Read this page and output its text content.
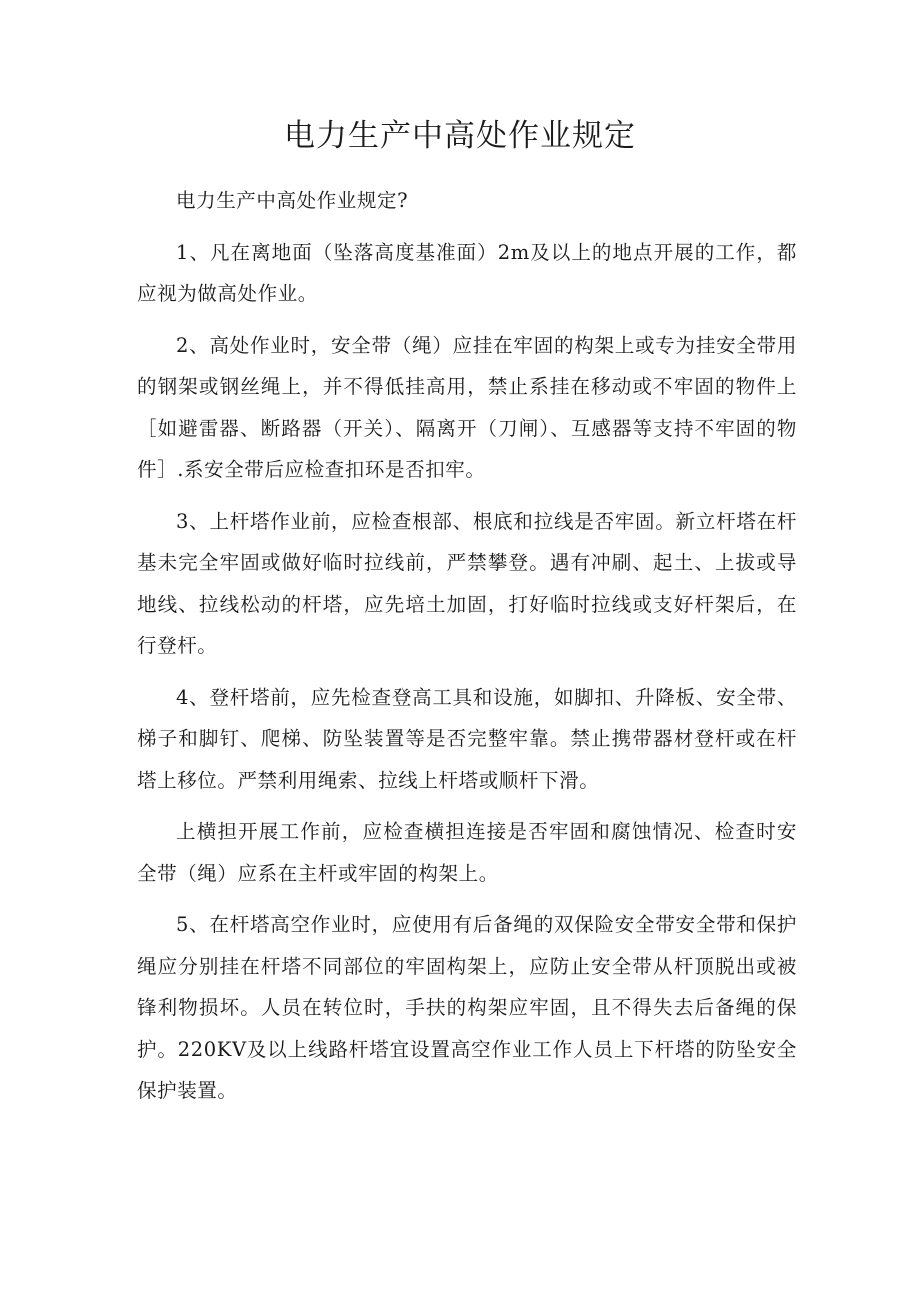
电力生产中高处作业规定

电力生产中高处作业规定?

1、凡在离地面（坠落高度基准面）2m及以上的地点开展的工作，都应视为做高处作业。

2、高处作业时，安全带（绳）应挂在牢固的构架上或专为挂安全带用的钢架或钢丝绳上，并不得低挂高用，禁止系挂在移动或不牢固的物件上［如避雷器、断路器（开关）、隔离开（刀闸）、互感器等支持不牢固的物件］.系安全带后应检查扣环是否扣牢。

3、上杆塔作业前，应检查根部、根底和拉线是否牢固。新立杆塔在杆基未完全牢固或做好临时拉线前，严禁攀登。遇有冲刷、起土、上拔或导地线、拉线松动的杆塔，应先培土加固，打好临时拉线或支好杆架后，在行登杆。

4、登杆塔前，应先检查登高工具和设施，如脚扣、升降板、安全带、梯子和脚钉、爬梯、防坠装置等是否完整牢靠。禁止携带器材登杆或在杆塔上移位。严禁利用绳索、拉线上杆塔或顺杆下滑。

上横担开展工作前，应检查横担连接是否牢固和腐蚀情况、检查时安全带（绳）应系在主杆或牢固的构架上。

5、在杆塔高空作业时，应使用有后备绳的双保险安全带安全带和保护绳应分别挂在杆塔不同部位的牢固构架上，应防止安全带从杆顶脱出或被锋利物损坏。人员在转位时，手扶的构架应牢固，且不得失去后备绳的保护。220KV及以上线路杆塔宜设置高空作业工作人员上下杆塔的防坠安全保护装置。
